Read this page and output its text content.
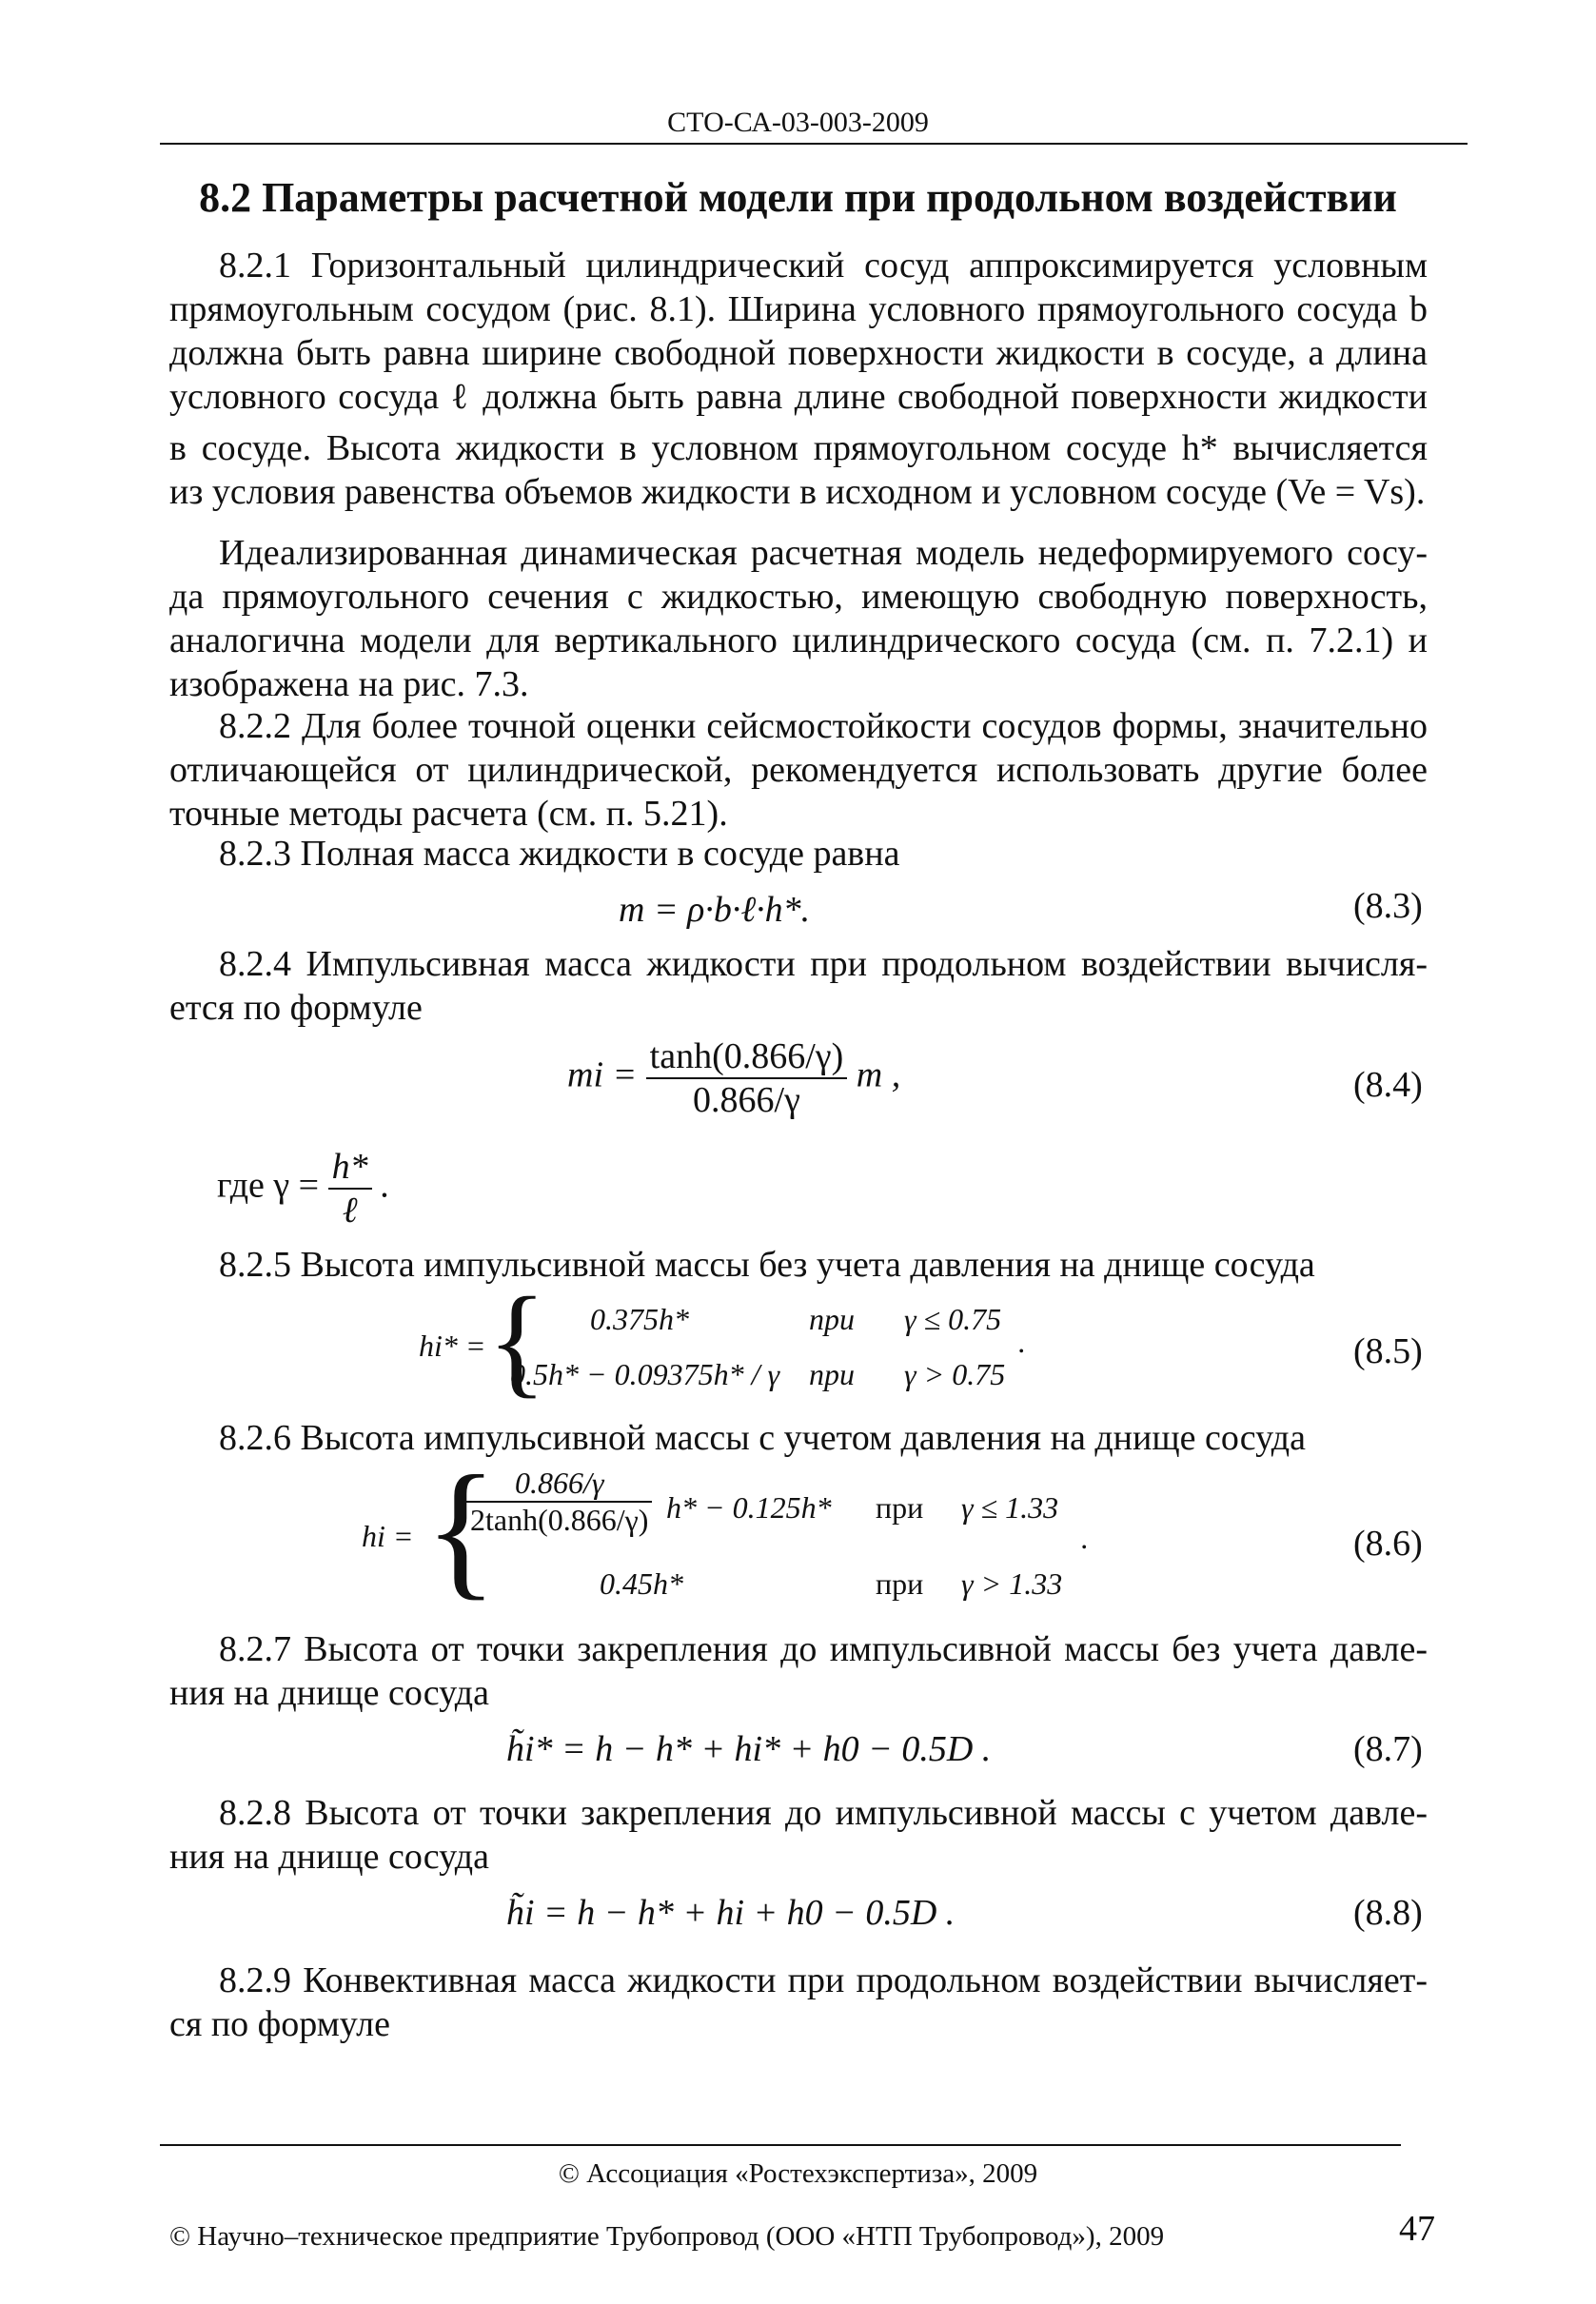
СТО-СА-03-003-2009
8.2 Параметры расчетной модели при продольном воздействии
8.2.1 Горизонтальный цилиндрический сосуд аппроксимируется условным
прямоугольным сосудом (рис. 8.1). Ширина условного прямоугольного сосуда b
должна быть равна ширине свободной поверхности жидкости в сосуде, а длина
условного сосуда ℓ должна быть равна длине свободной поверхности жидкости
в сосуде. Высота жидкости в условном прямоугольном сосуде h* вычисляется
из условия равенства объемов жидкости в исходном и условном сосуде (Ve = Vs).
Идеализированная динамическая расчетная модель недеформируемого сосу-
да прямоугольного сечения с жидкостью, имеющую свободную поверхность,
аналогична модели для вертикального цилиндрического сосуда (см. п. 7.2.1) и
изображена на рис. 7.3.
8.2.2 Для более точной оценки сейсмостойкости сосудов формы, значительно
отличающейся от цилиндрической, рекомендуется использовать другие более
точные методы расчета (см. п. 5.21).
8.2.3 Полная масса жидкости в сосуде равна
m = ρ·b·ℓ·h*.	(8.3)
8.2.4 Импульсивная масса жидкости при продольном воздействии вычисля-
ется по формуле
mi = $\frac{\tanh(0.866/\gamma)}{0.866/\gamma}$ m ,	(8.4)
где $\gamma = \frac{h*}{\text{ℓ}}$ .
8.2.5 Высота импульсивной массы без учета давления на днище сосуда
hi* = { 0.375h*	при γ ≤ 0.75
0.5h* − 0.09375h* / γ при γ > 0.75
.	(8.5)
8.2.6 Высота импульсивной массы с учетом давления на днище сосуда
hi = {
$\frac{0.866/\gamma}{2\tanh(0.866/\gamma)} h* - 0.125h*$ при γ ≤ 1.33
0.45h*	при γ > 1.33
.	(8.6)
8.2.7 Высота от точки закрепления до импульсивной массы без учета давле-
ния на днище сосуда
h̃i* = h − h* + hi* + h0 − 0.5D .	(8.7)
8.2.8 Высота от точки закрепления до импульсивной массы с учетом давле-
ния на днище сосуда
h̃i = h − h* + hi + h0 − 0.5D .	(8.8)
8.2.9 Конвективная масса жидкости при продольном воздействии вычисляет-
ся по формуле
© Ассоциация «Ростехэкспертиза», 2009
© Научно–техническое предприятие Трубопровод (ООО «НТП Трубопровод»), 2009	47
